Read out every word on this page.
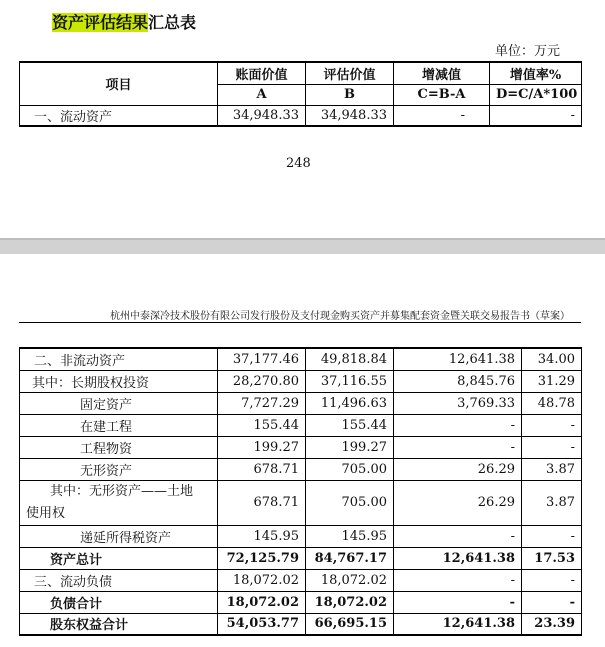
资产评估结果汇总表
单位：万元
项目	账面价值	评估价值	增减值	增值率%
	A	B	C=B-A	D=C/A*100
一、流动资产	34,948.33	34,948.33	-	-
248
杭州中泰深冷技术股份有限公司发行股份及支付现金购买资产并募集配套资金暨关联交易报告书（草案）
二、非流动资产	37,177.46	49,818.84	12,641.38	34.00
其中：长期股权投资	28,270.80	37,116.55	8,845.76	31.29
固定资产	7,727.29	11,496.63	3,769.33	48.78
在建工程	155.44	155.44	-	-
工程物资	199.27	199.27	-	-
无形资产	678.71	705.00	26.29	3.87

其中：无形资产——土地
使用权	678.71	705.00	26.29	3.87
递延所得税资产	145.95	145.95	-	-
资产总计	72,125.79	84,767.17	12,641.38	17.53
三、流动负债	18,072.02	18,072.02	-	-
负债合计	18,072.02	18,072.02	-	-
股东权益合计	54,053.77	66,695.15	12,641.38	23.39
